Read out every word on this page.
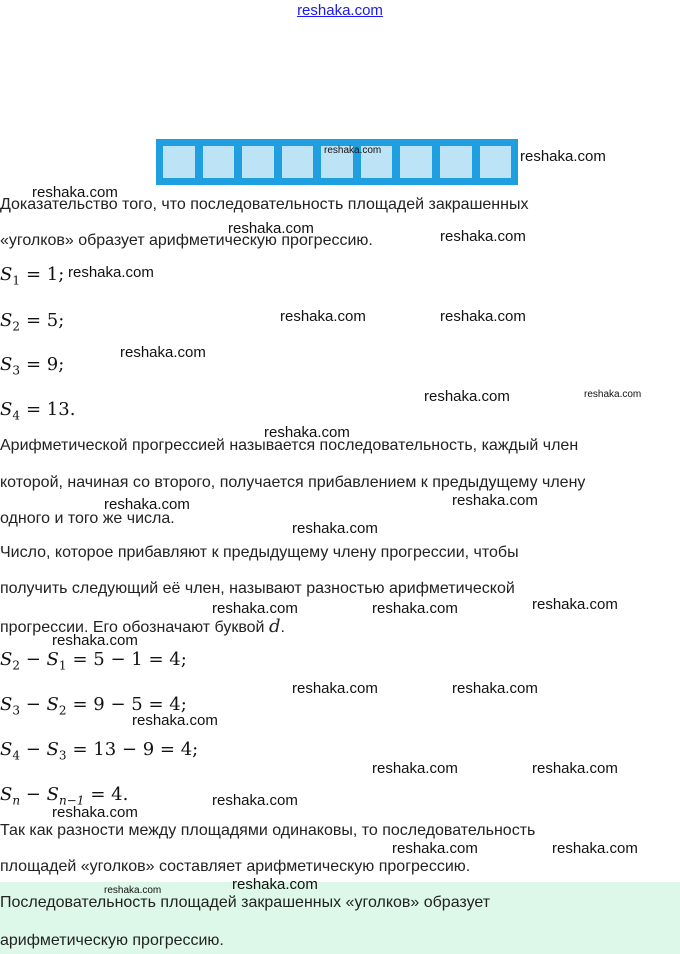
reshaka.com
Доказательство того, что последовательность площадей закрашенных
«уголков» образует арифметическую прогрессию.
$S_1 = 1$;
$S_2 = 5$;
$S_3 = 9$;
$S_4 = 13$.
Арифметической прогрессией называется последовательность, каждый член
которой, начиная со второго, получается прибавлением к предыдущему члену
одного и того же числа.
Число, которое прибавляют к предыдущему члену прогрессии, чтобы
получить следующий её член, называют разностью арифметической
прогрессии. Его обозначают буквой d.
$S_2 - S_1 = 5 - 1 = 4$;
$S_3 - S_2 = 9 - 5 = 4$;
$S_4 - S_3 = 13 - 9 = 4$;
$S_n - S_{n-1} = 4$.
Так как разности между площадями одинаковы, то последовательность
площадей «уголков» составляет арифметическую прогрессию.
Последовательность площадей закрашенных «уголков» образует
арифметическую прогрессию.
reshaka.com	reshaka.com
reshaka.com
reshaka.com	reshaka.com
reshaka.com
reshaka.com	reshaka.com
reshaka.com
reshaka.com	reshaka.com
reshaka.com
reshaka.com
reshaka.com
reshaka.com
reshaka.com
reshaka.com	reshaka.com
reshaka.com
reshaka.com	reshaka.com
reshaka.com
reshaka.com	reshaka.com
reshaka.com
reshaka.com
reshaka.com	reshaka.com
reshaka.com
reshaka.com
